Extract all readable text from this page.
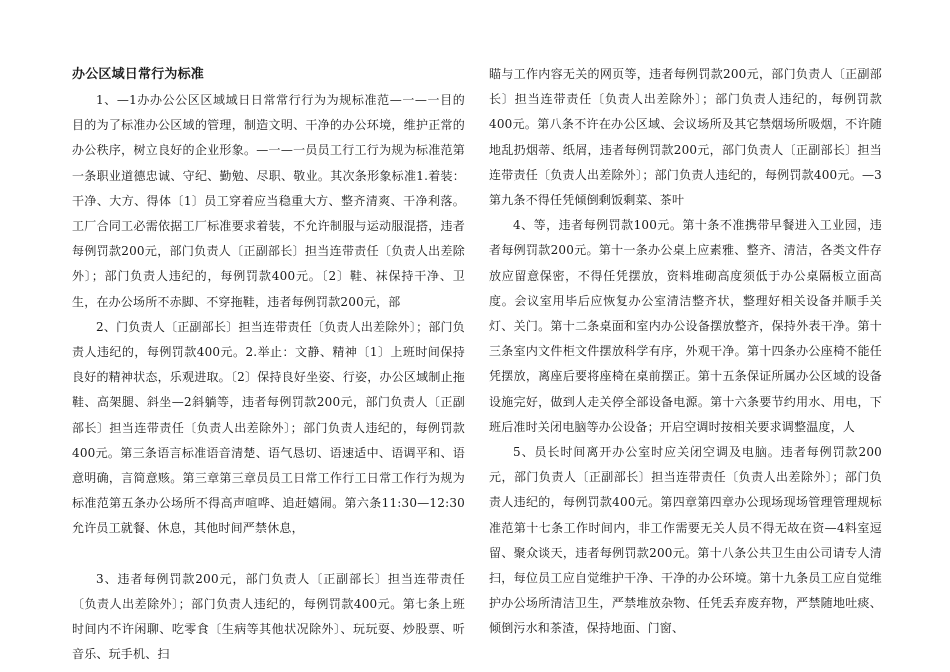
办公区域日常行为标准

1、—1办办公公区区域域日日常常行行为为规标准范—一—一目的目的为了标准办公区域的管理，制造文明、干净的办公环境，维护正常的办公秩序，树立良好的企业形象。—一—一员员工行工行为规为标准范第一条职业道德忠诚、守纪、勤勉、尽职、敬业。其次条形象标准1.着装：干净、大方、得体〔1〕员工穿着应当稳重大方、整齐清爽、干净利落。工厂合同工必需依据工厂标准要求着装，不允许制服与运动服混搭，违者每例罚款200元，部门负责人〔正副部长〕担当连带责任〔负责人出差除外〕；部门负责人违纪的，每例罚款400元。〔2〕鞋、袜保持干净、卫生，在办公场所不赤脚、不穿拖鞋，违者每例罚款200元，部

2、门负责人〔正副部长〕担当连带责任〔负责人出差除外〕；部门负责人违纪的，每例罚款400元。2.举止：文静、精神〔1〕上班时间保持良好的精神状态，乐观进取。〔2〕保持良好坐姿、行姿，办公区域制止拖鞋、高架腿、斜坐—2斜躺等，违者每例罚款200元，部门负责人〔正副部长〕担当连带责任〔负责人出差除外〕；部门负责人违纪的，每例罚款400元。第三条语言标准语音清楚、语气恳切、语速适中、语调平和、语意明确，言简意赅。第三章第三章员员工日常工作行工日常工作行为规为标准范第五条办公场所不得高声喧哗、追赶嬉闹。第六条11:30—12:30允许员工就餐、休息，其他时间严禁休息，

3、违者每例罚款200元，部门负责人〔正副部长〕担当连带责任〔负责人出差除外〕；部门负责人违纪的，每例罚款400元。第七条上班时间内不许闲聊、吃零食〔生病等其他状况除外〕、玩玩耍、炒股票、听音乐、玩手机、扫

瞄与工作内容无关的网页等，违者每例罚款200元，部门负责人〔正副部长〕担当连带责任〔负责人出差除外〕；部门负责人违纪的，每例罚款400元。第八条不许在办公区域、会议场所及其它禁烟场所吸烟，不许随地乱扔烟蒂、纸屑，违者每例罚款200元，部门负责人〔正副部长〕担当连带责任〔负责人出差除外〕；部门负责人违纪的，每例罚款400元。—3第九条不得任凭倾倒剩饭剩菜、茶叶

4、等，违者每例罚款100元。第十条不准携带早餐进入工业园，违者每例罚款200元。第十一条办公桌上应素雅、整齐、清洁，各类文件存放应留意保密，不得任凭摆放，资料堆砌高度须低于办公桌隔板立面高度。会议室用毕后应恢复办公室清洁整齐状，整理好相关设备并顺手关灯、关门。第十二条桌面和室内办公设备摆放整齐，保持外表干净。第十三条室内文件柜文件摆放科学有序，外观干净。第十四条办公座椅不能任凭摆放，离座后要将座椅在桌前摆正。第十五条保证所属办公区域的设备设施完好，做到人走关停全部设备电源。第十六条要节约用水、用电，下班后准时关闭电脑等办公设备；开启空调时按相关要求调整温度，人

5、员长时间离开办公室时应关闭空调及电脑。违者每例罚款200元，部门负责人〔正副部长〕担当连带责任〔负责人出差除外〕；部门负责人违纪的，每例罚款400元。第四章第四章办公现场现场管理管理规标准范第十七条工作时间内，非工作需要无关人员不得无故在资—4料室逗留、聚众谈天，违者每例罚款200元。第十八条公共卫生由公司请专人清扫，每位员工应自觉维护干净、干净的办公环境。第十九条员工应自觉维护办公场所清洁卫生，严禁堆放杂物、任凭丢弃废弃物，严禁随地吐痰、倾倒污水和茶渣，保持地面、门窗、
